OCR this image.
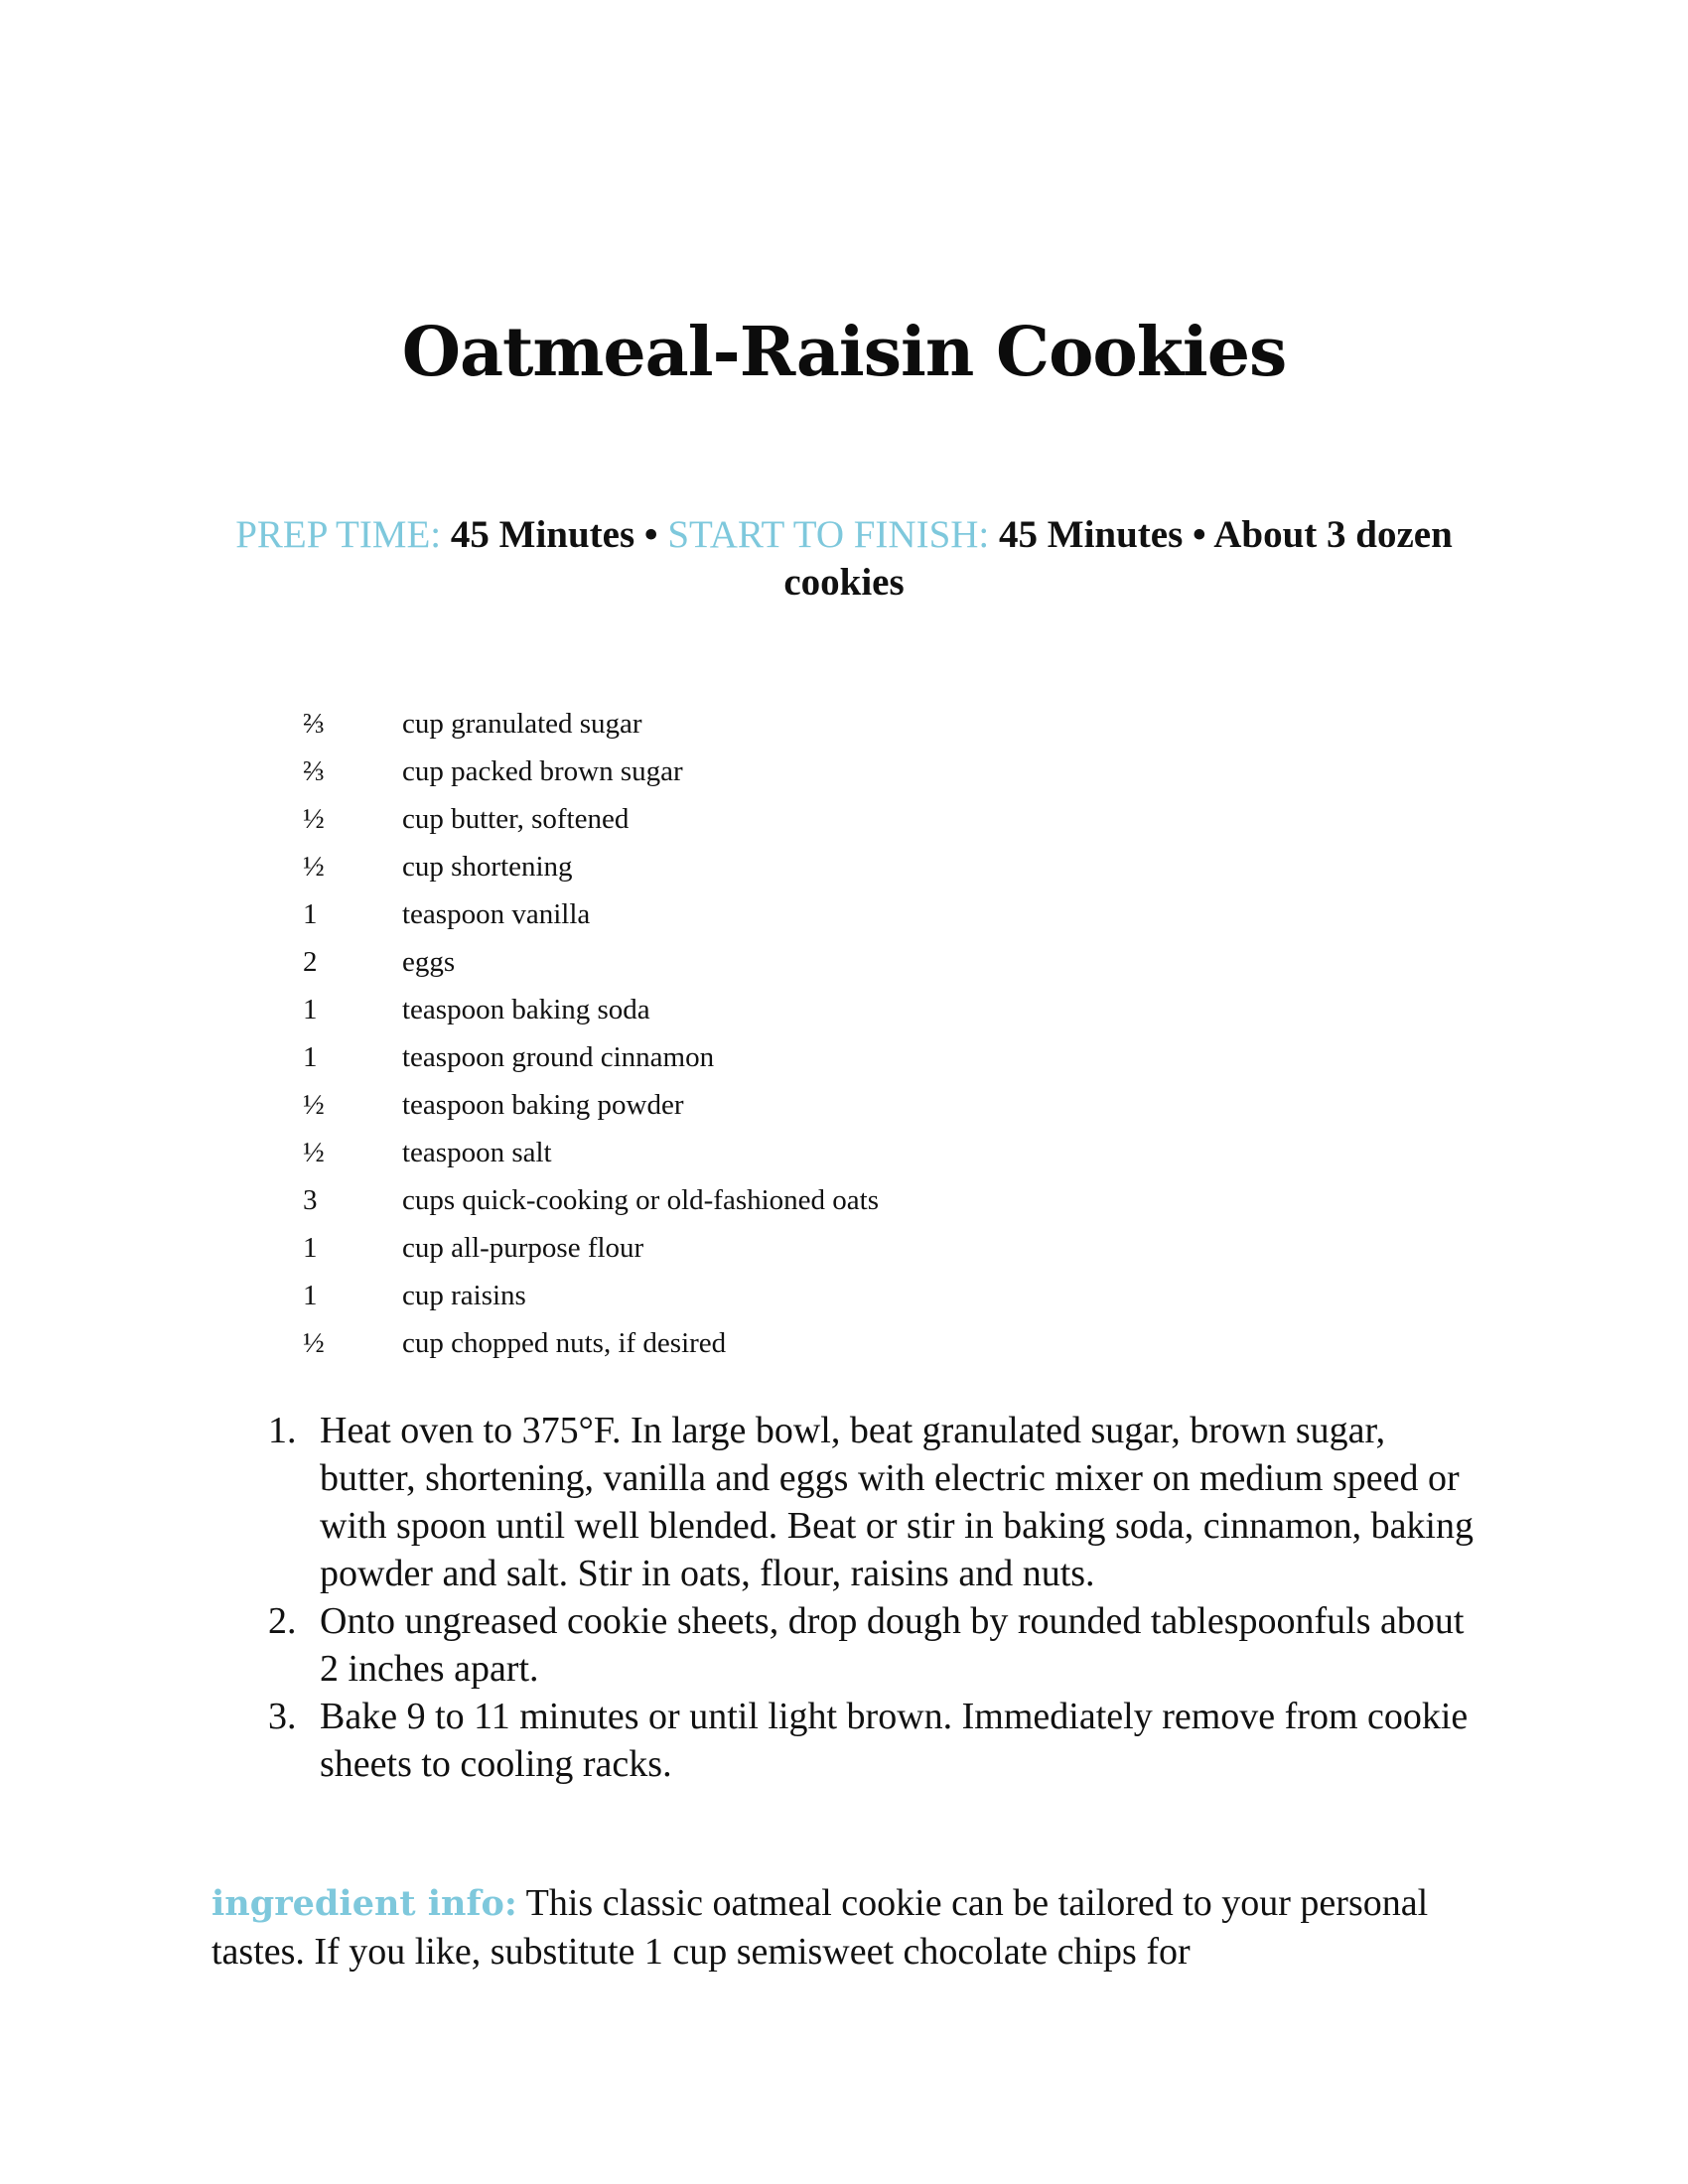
Oatmeal-Raisin Cookies
PREP TIME: 45 Minutes • START TO FINISH: 45 Minutes • About 3 dozen cookies
⅔	cup granulated sugar
⅔	cup packed brown sugar
½	cup butter, softened
½	cup shortening
1	teaspoon vanilla
2	eggs
1	teaspoon baking soda
1	teaspoon ground cinnamon
½	teaspoon baking powder
½	teaspoon salt
3	cups quick-cooking or old-fashioned oats
1	cup all-purpose flour
1	cup raisins
½	cup chopped nuts, if desired
1. Heat oven to 375°F. In large bowl, beat granulated sugar, brown sugar, butter, shortening, vanilla and eggs with electric mixer on medium speed or with spoon until well blended. Beat or stir in baking soda, cinnamon, baking powder and salt. Stir in oats, flour, raisins and nuts.
2. Onto ungreased cookie sheets, drop dough by rounded tablespoonfuls about 2 inches apart.
3. Bake 9 to 11 minutes or until light brown. Immediately remove from cookie sheets to cooling racks.
ingredient info: This classic oatmeal cookie can be tailored to your personal tastes. If you like, substitute 1 cup semisweet chocolate chips for
